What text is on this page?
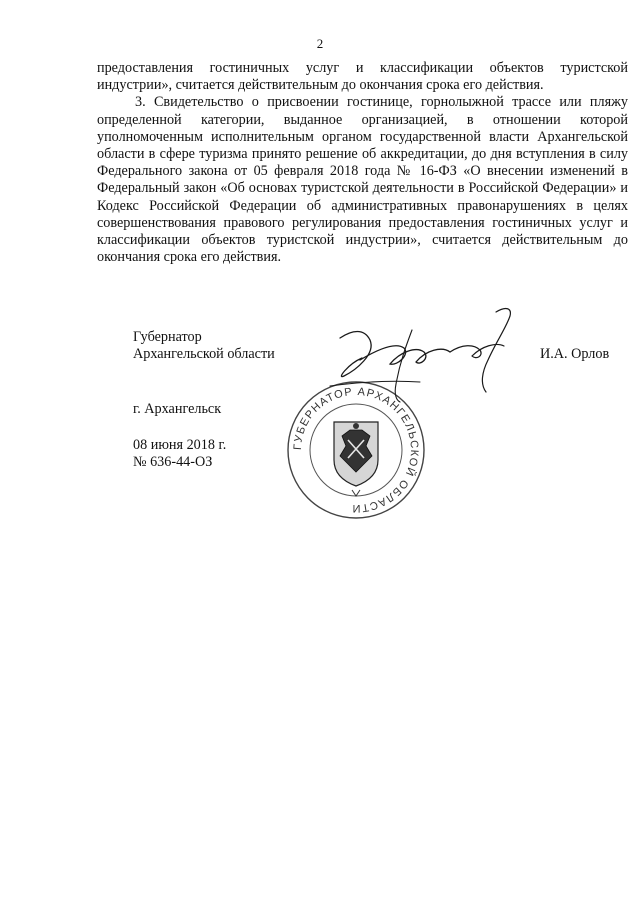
2

предоставления гостиничных услуг и классификации объектов туристской индустрии», считается действительным до окончания срока его действия.

3. Свидетельство о присвоении гостинице, горнолыжной трассе или пляжу определенной категории, выданное организацией, в отношении которой уполномоченным исполнительным органом государственной власти Архангельской области в сфере туризма принято решение об аккредитации, до дня вступления в силу Федерального закона от 05 февраля 2018 года № 16-ФЗ «О внесении изменений в Федеральный закон «Об основах туристской деятельности в Российской Федерации» и Кодекс Российской Федерации об административных правонарушениях в целях совершенствования правового регулирования предоставления гостиничных услуг и классификации объектов туристской индустрии», считается действительным до окончания срока его действия.

ГУБЕРНАТОР АРХАНГЕЛЬСКОЙ ОБЛАСТИ
Губернатор
Архангельской области	И.А. Орлов
г. Архангельск
08 июня 2018 г.
№ 636-44-ОЗ
